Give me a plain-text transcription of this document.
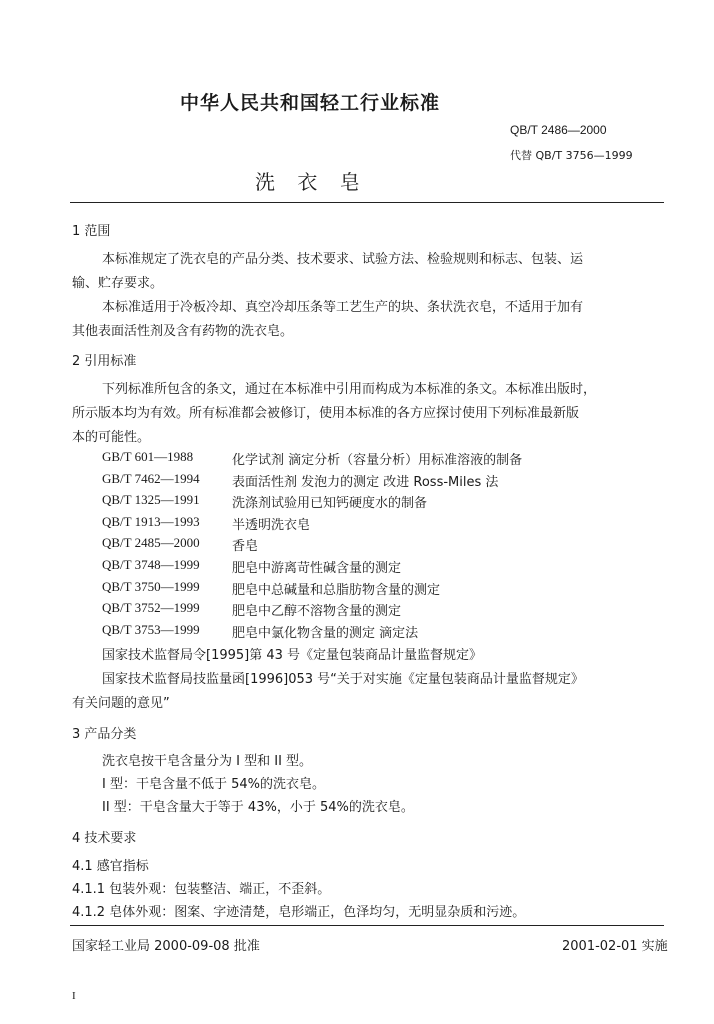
中华人民共和国轻工行业标准
QB/T 2486—2000
代替 QB/T 3756—1999
洗 衣 皂
1 范围
本标准规定了洗衣皂的产品分类、技术要求、试验方法、检验规则和标志、包装、运
输、贮存要求。
本标准适用于冷板冷却、真空冷却压条等工艺生产的块、条状洗衣皂，不适用于加有
其他表面活性剂及含有药物的洗衣皂。
2 引用标准
下列标准所包含的条文，通过在本标准中引用而构成为本标准的条文。本标准出版时，
所示版本均为有效。所有标准都会被修订，使用本标准的各方应探讨使用下列标准最新版
本的可能性。
GB/T 601—1988	化学试剂 滴定分析（容量分析）用标准溶液的制备
GB/T 7462—1994 表面活性剂 发泡力的测定 改进 Ross-Miles 法
QB/T 1325—1991 洗涤剂试验用已知钙硬度水的制备
QB/T 1913—1993 半透明洗衣皂
QB/T 2485—2000 香皂
QB/T 3748—1999 肥皂中游离苛性碱含量的测定
QB/T 3750—1999 肥皂中总碱量和总脂肪物含量的测定
QB/T 3752—1999 肥皂中乙醇不溶物含量的测定
QB/T 3753—1999 肥皂中氯化物含量的测定 滴定法
国家技术监督局令[1995]第 43 号《定量包装商品计量监督规定》
国家技术监督局技监量函[1996]053 号“关于对实施《定量包装商品计量监督规定》
有关问题的意见”
3 产品分类
洗衣皂按干皂含量分为 I 型和 II 型。
I 型：干皂含量不低于 54%的洗衣皂。
II 型：干皂含量大于等于 43%，小于 54%的洗衣皂。
4 技术要求
4.1 感官指标
4.1.1 包装外观：包装整洁、端正，不歪斜。
国家轻工业局 2000-09-08 批准	2001-02-01 实施
I
4.1.2 皂体外观：图案、字迹清楚，皂形端正，色泽均匀，无明显杂质和污迹。
